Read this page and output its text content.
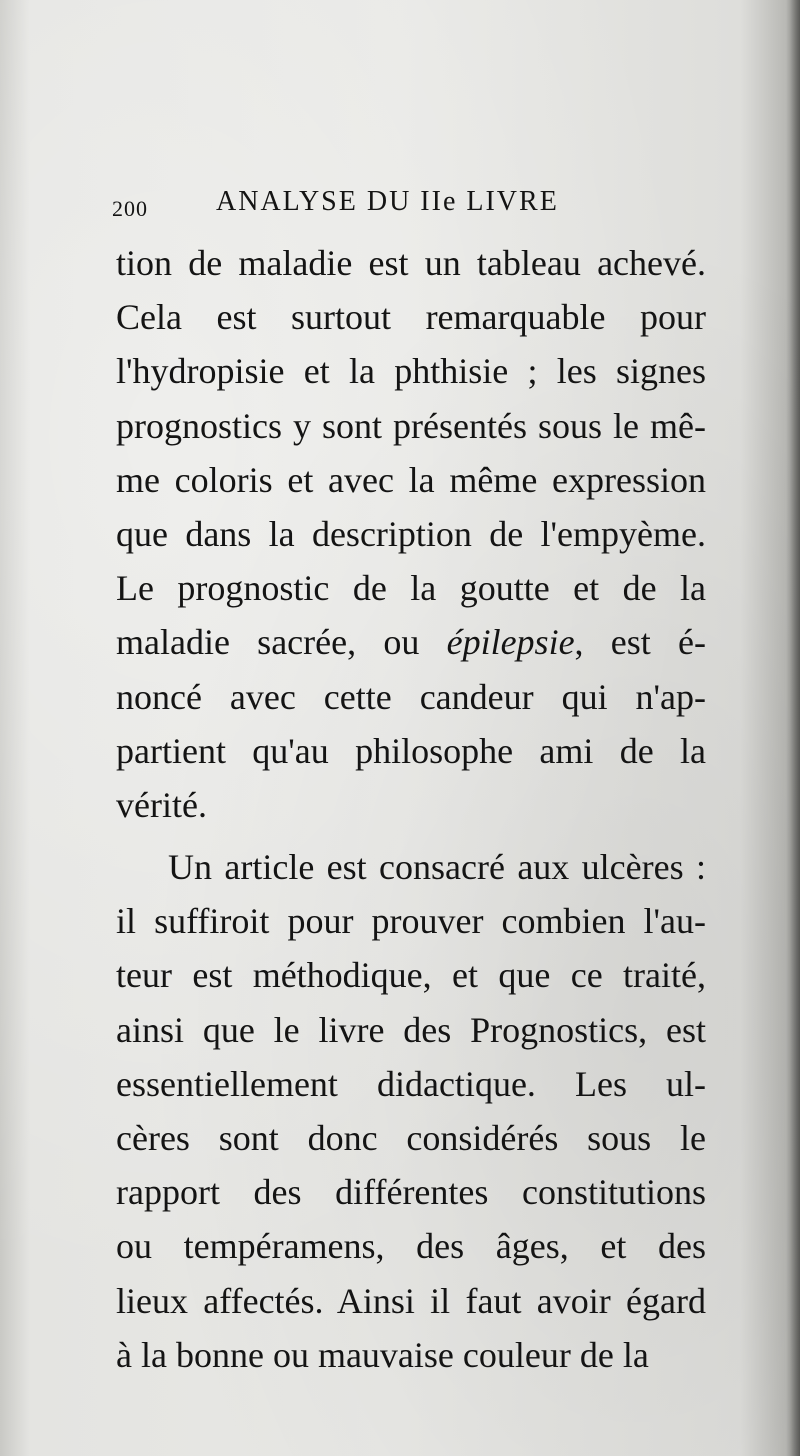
200 ANALYSE DU IIe LIVRE
tion de maladie est un tableau achevé.
Cela est surtout remarquable pour
l'hydropisie et la phthisie ; les signes
prognostics y sont présentés sous le mê-
me coloris et avec la même expression
que dans la description de l'empyème.
Le prognostic de la goutte et de la
maladie sacrée, ou épilepsie, est é-
noncé avec cette candeur qui n'ap-
partient qu'au philosophe ami de la
vérité.
Un article est consacré aux ulcères :
il suffiroit pour prouver combien l'au-
teur est méthodique, et que ce traité,
ainsi que le livre des Prognostics, est
essentiellement didactique. Les ul-
cères sont donc considérés sous le
rapport des différentes constitutions
ou tempéramens, des âges, et des
lieux affectés. Ainsi il faut avoir égard
à la bonne ou mauvaise couleur de la
